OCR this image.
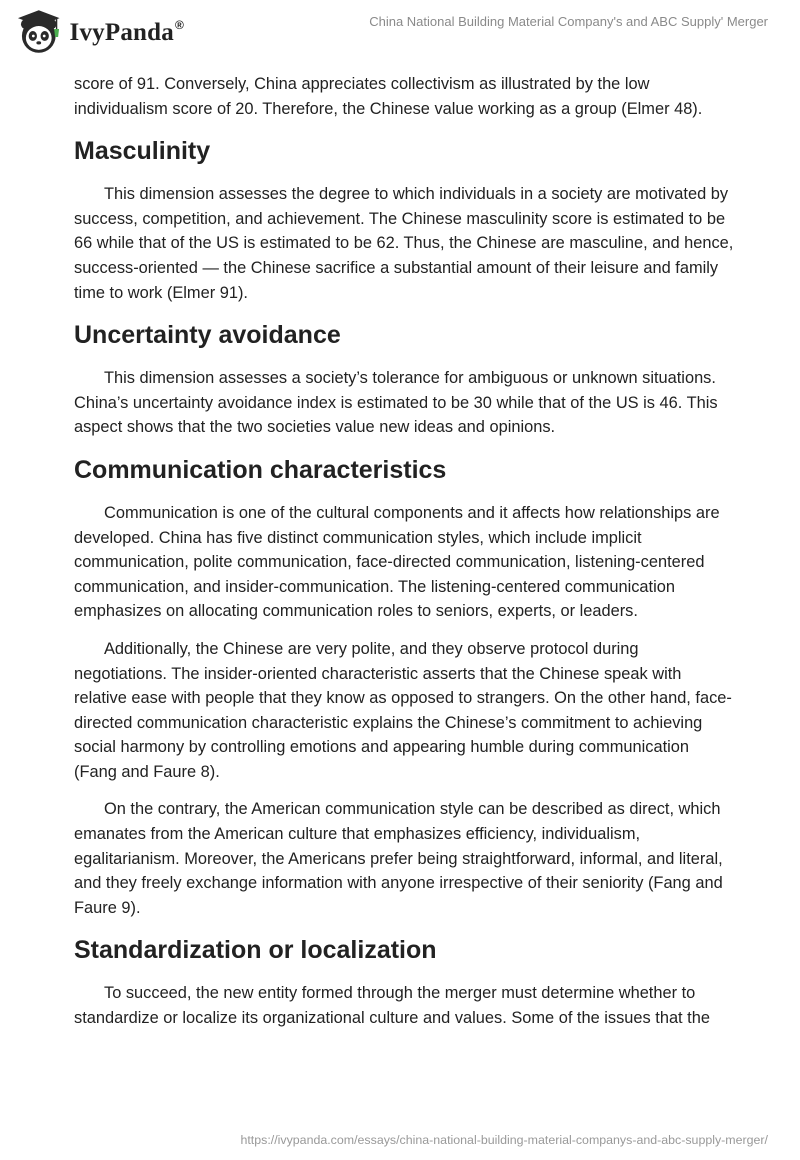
IvyPanda®	China National Building Material Company's and ABC Supply' Merger

score of 91. Conversely, China appreciates collectivism as illustrated by the low individualism score of 20. Therefore, the Chinese value working as a group (Elmer 48).

Masculinity

This dimension assesses the degree to which individuals in a society are motivated by success, competition, and achievement. The Chinese masculinity score is estimated to be 66 while that of the US is estimated to be 62. Thus, the Chinese are masculine, and hence, success-oriented — the Chinese sacrifice a substantial amount of their leisure and family time to work (Elmer 91).

Uncertainty avoidance

This dimension assesses a society’s tolerance for ambiguous or unknown situations. China’s uncertainty avoidance index is estimated to be 30 while that of the US is 46. This aspect shows that the two societies value new ideas and opinions.

Communication characteristics

Communication is one of the cultural components and it affects how relationships are developed. China has five distinct communication styles, which include implicit communication, polite communication, face-directed communication, listening-centered communication, and insider-communication. The listening-centered communication emphasizes on allocating communication roles to seniors, experts, or leaders.

Additionally, the Chinese are very polite, and they observe protocol during negotiations. The insider-oriented characteristic asserts that the Chinese speak with relative ease with people that they know as opposed to strangers. On the other hand, face-directed communication characteristic explains the Chinese’s commitment to achieving social harmony by controlling emotions and appearing humble during communication (Fang and Faure 8).

On the contrary, the American communication style can be described as direct, which emanates from the American culture that emphasizes efficiency, individualism, egalitarianism. Moreover, the Americans prefer being straightforward, informal, and literal, and they freely exchange information with anyone irrespective of their seniority (Fang and Faure 9).

Standardization or localization

To succeed, the new entity formed through the merger must determine whether to standardize or localize its organizational culture and values. Some of the issues that the

https://ivypanda.com/essays/china-national-building-material-companys-and-abc-supply-merger/
